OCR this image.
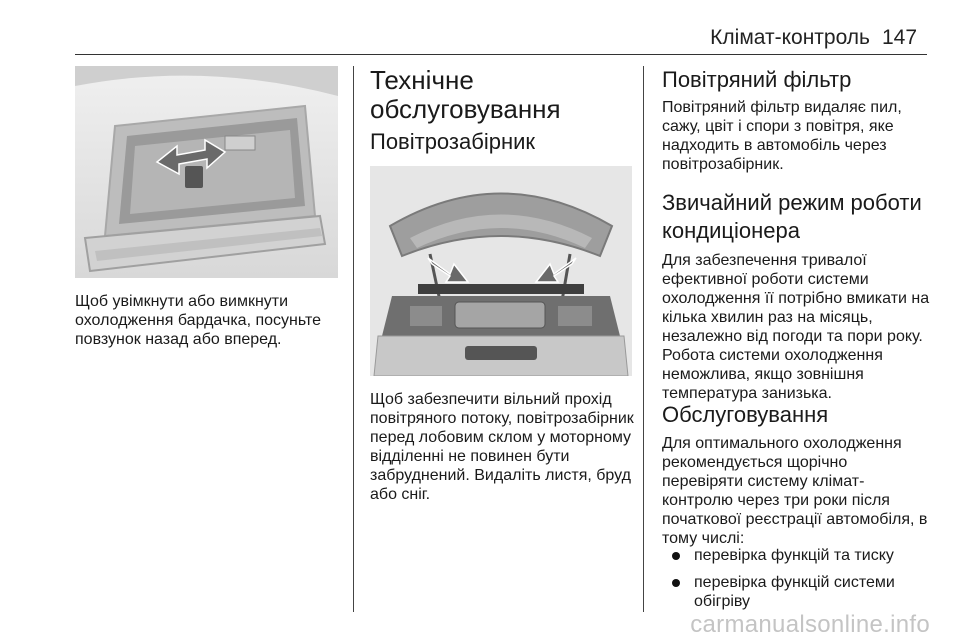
Клімат-контроль 147
Щоб увімкнути або вимкнути охолодження бардачка, посуньте повзунок назад або вперед.
Технічне обслуговування
Повітрозабірник
Щоб забезпечити вільний прохід повітряного потоку, повітрозабірник перед лобовим склом у моторному відділенні не повинен бути забруднений. Видаліть листя, бруд або сніг.
Повітряний фільтр
Повітряний фільтр видаляє пил, сажу, цвіт і спори з повітря, яке надходить в автомобіль через повітрозабірник.
Звичайний режим роботи кондиціонера
Для забезпечення тривалої ефективної роботи системи охолодження її потрібно вмикати на кілька хвилин раз на місяць, незалежно від погоди та пори року. Робота системи охолодження неможлива, якщо зовнішня температура занизька.
Обслуговування
Для оптимального охолодження рекомендується щорічно перевіряти систему клімат-контролю через три роки після початкової реєстрації автомобіля, в тому числі:
перевірка функцій та тиску
перевірка функцій системи обігріву
carmanualsonline.info
